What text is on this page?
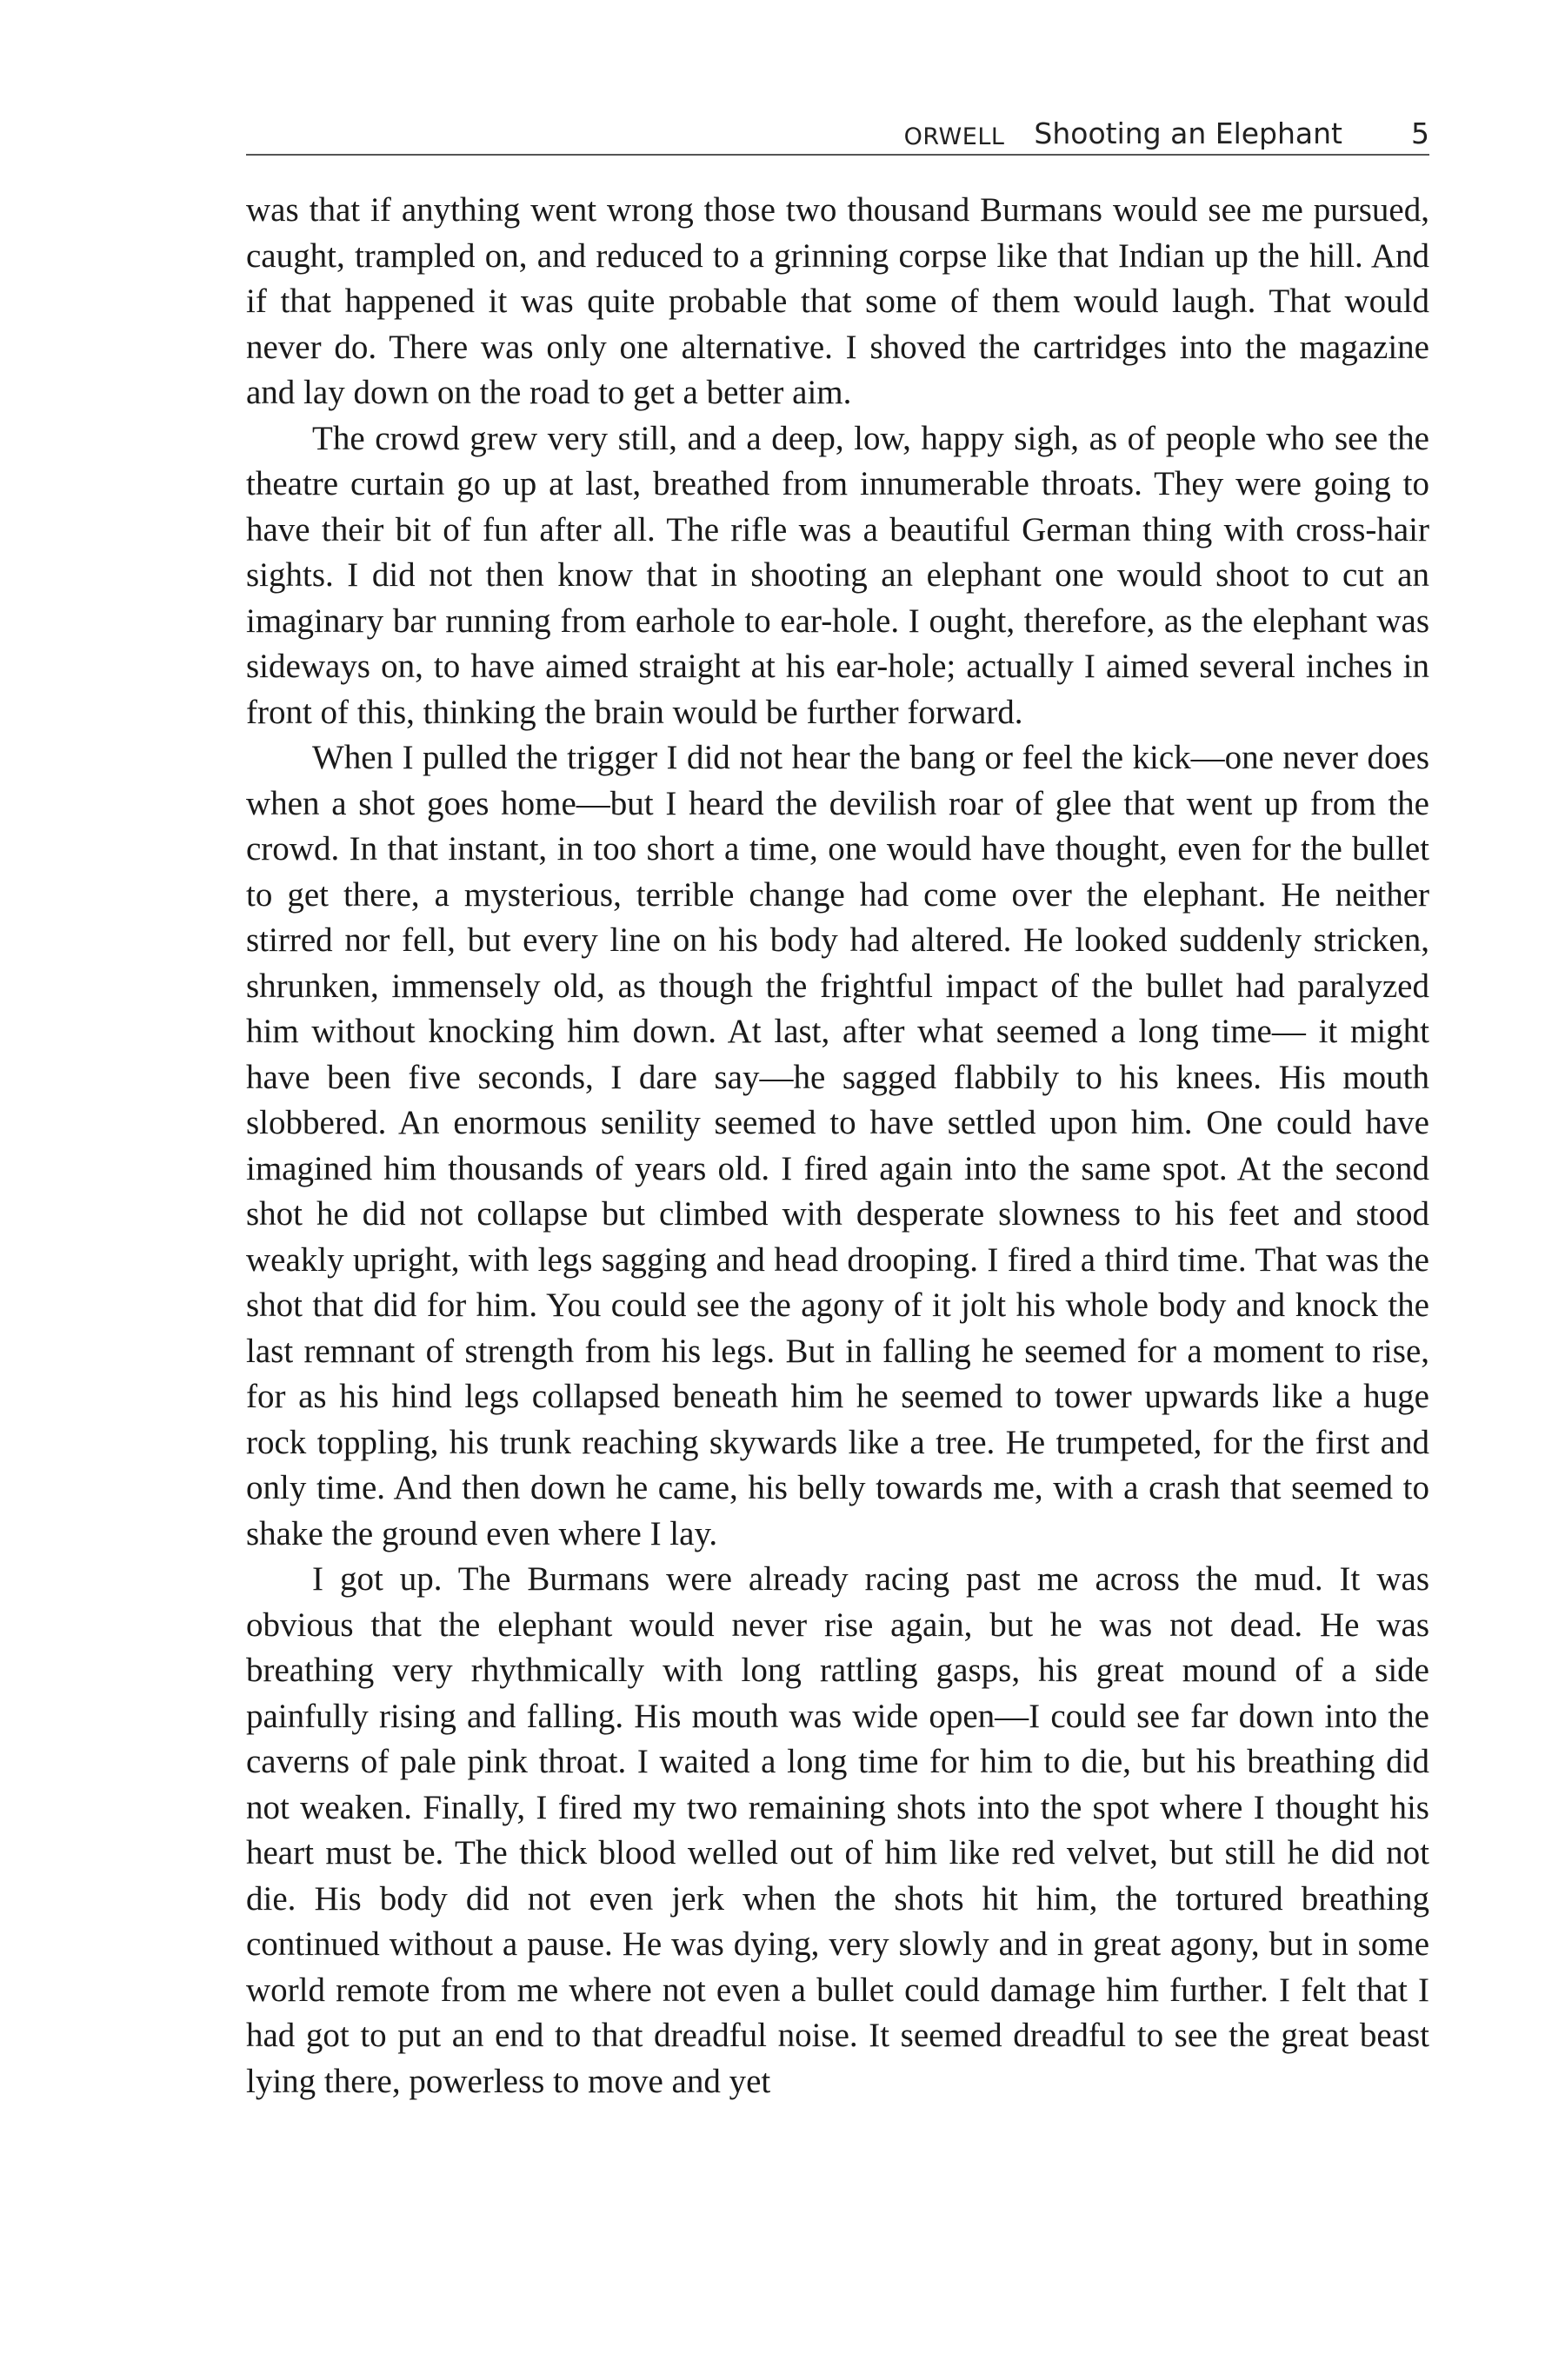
ORWELL Shooting an Elephant 5

was that if anything went wrong those two thousand Burmans would see me pursued, caught, trampled on, and reduced to a grinning corpse like that Indian up the hill. And if that happened it was quite probable that some of them would laugh. That would never do. There was only one alternative. I shoved the cartridges into the magazine and lay down on the road to get a better aim.

The crowd grew very still, and a deep, low, happy sigh, as of people who see the theatre curtain go up at last, breathed from innumerable throats. They were going to have their bit of fun after all. The rifle was a beautiful German thing with cross-hair sights. I did not then know that in shooting an elephant one would shoot to cut an imaginary bar running from earhole to ear-hole. I ought, therefore, as the elephant was sideways on, to have aimed straight at his ear-hole; actually I aimed several inches in front of this, thinking the brain would be further forward.

When I pulled the trigger I did not hear the bang or feel the kick—one never does when a shot goes home—but I heard the devilish roar of glee that went up from the crowd. In that instant, in too short a time, one would have thought, even for the bullet to get there, a mysterious, terrible change had come over the elephant. He neither stirred nor fell, but every line on his body had altered. He looked suddenly stricken, shrunken, immensely old, as though the frightful impact of the bullet had paralyzed him without knocking him down. At last, after what seemed a long time— it might have been five seconds, I dare say—he sagged flabbily to his knees. His mouth slobbered. An enormous senility seemed to have settled upon him. One could have imagined him thousands of years old. I fired again into the same spot. At the second shot he did not collapse but climbed with desperate slowness to his feet and stood weakly upright, with legs sagging and head drooping. I fired a third time. That was the shot that did for him. You could see the agony of it jolt his whole body and knock the last remnant of strength from his legs. But in falling he seemed for a moment to rise, for as his hind legs collapsed beneath him he seemed to tower upwards like a huge rock toppling, his trunk reaching skywards like a tree. He trumpeted, for the first and only time. And then down he came, his belly towards me, with a crash that seemed to shake the ground even where I lay.

I got up. The Burmans were already racing past me across the mud. It was obvious that the elephant would never rise again, but he was not dead. He was breathing very rhythmically with long rattling gasps, his great mound of a side painfully rising and falling. His mouth was wide open—I could see far down into the caverns of pale pink throat. I waited a long time for him to die, but his breathing did not weaken. Finally, I fired my two remaining shots into the spot where I thought his heart must be. The thick blood welled out of him like red velvet, but still he did not die. His body did not even jerk when the shots hit him, the tortured breathing continued without a pause. He was dying, very slowly and in great agony, but in some world remote from me where not even a bullet could damage him further. I felt that I had got to put an end to that dreadful noise. It seemed dreadful to see the great beast lying there, powerless to move and yet
